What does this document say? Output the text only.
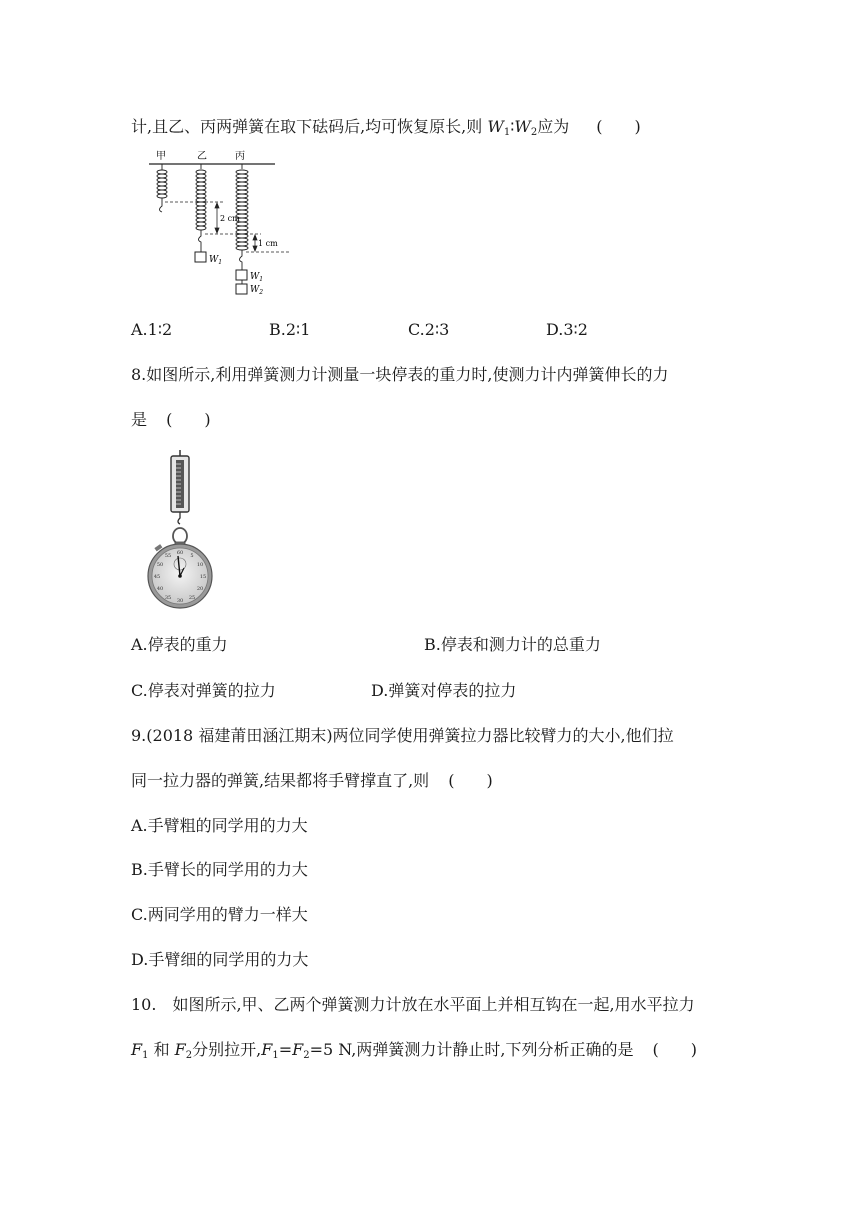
计,且乙、丙两弹簧在取下砝码后,均可恢复原长,则 $W_1∶W_2$应为 (　　)
甲	乙	丙
$W_1$
$W_1$
$W_2$
2 cm
1 cm
A.1∶2	B.2∶1	C.2∶3	D.3∶2
8.如图所示,利用弹簧测力计测量一块停表的重力时,使测力计内弹簧伸长的力
是 (　　)
60 5
10
15
20
25
30
35
40
45
50
55
A.停表的重力	B.停表和测力计的总重力
C.停表对弹簧的拉力	D.弹簧对停表的拉力
9.(2018 福建莆田涵江期末)两位同学使用弹簧拉力器比较臂力的大小,他们拉
同一拉力器的弹簧,结果都将手臂撑直了,则 (　　)
A.手臂粗的同学用的力大
B.手臂长的同学用的力大
C.两同学用的臂力一样大
D.手臂细的同学用的力大
10.　如图所示,甲、乙两个弹簧测力计放在水平面上并相互钩在一起,用水平拉力
$F_1$ 和 $F_2$分别拉开$,F_1=F_2=5$ N,两弹簧测力计静止时,下列分析正确的是 (　　)
